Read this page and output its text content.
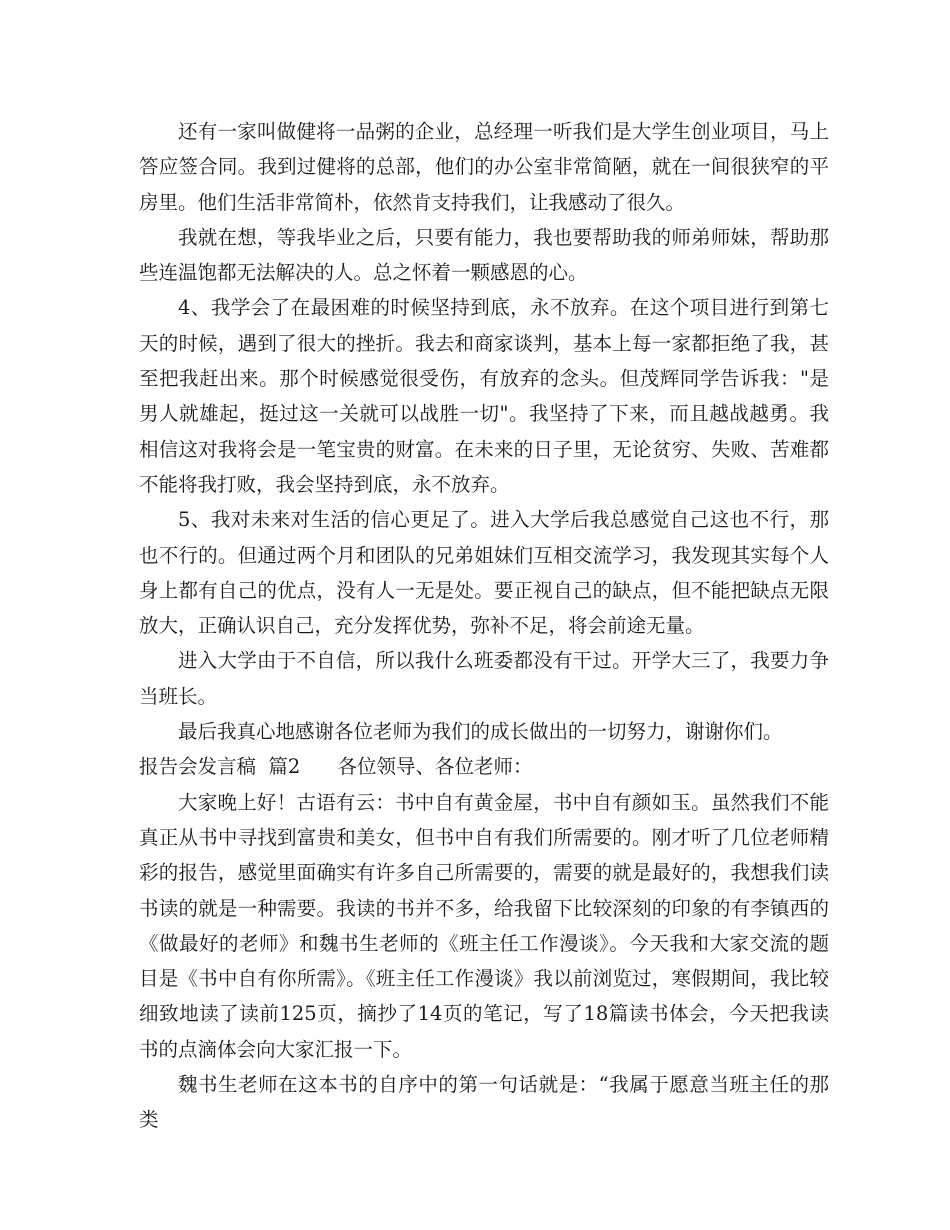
还有一家叫做健将一品粥的企业，总经理一听我们是大学生创业项目，马上答应签合同。我到过健将的总部，他们的办公室非常简陋，就在一间很狭窄的平房里。他们生活非常简朴，依然肯支持我们，让我感动了很久。

我就在想，等我毕业之后，只要有能力，我也要帮助我的师弟师妹，帮助那些连温饱都无法解决的人。总之怀着一颗感恩的心。

4、我学会了在最困难的时候坚持到底，永不放弃。在这个项目进行到第七天的时候，遇到了很大的挫折。我去和商家谈判，基本上每一家都拒绝了我，甚至把我赶出来。那个时候感觉很受伤，有放弃的念头。但茂辉同学告诉我："是男人就雄起，挺过这一关就可以战胜一切"。我坚持了下来，而且越战越勇。我相信这对我将会是一笔宝贵的财富。在未来的日子里，无论贫穷、失败、苦难都不能将我打败，我会坚持到底，永不放弃。

5、我对未来对生活的信心更足了。进入大学后我总感觉自己这也不行，那也不行的。但通过两个月和团队的兄弟姐妹们互相交流学习，我发现其实每个人身上都有自己的优点，没有人一无是处。要正视自己的缺点，但不能把缺点无限放大，正确认识自己，充分发挥优势，弥补不足，将会前途无量。

进入大学由于不自信，所以我什么班委都没有干过。开学大三了，我要力争当班长。

最后我真心地感谢各位老师为我们的成长做出的一切努力，谢谢你们。

报告会发言稿  篇2      各位领导、各位老师：

大家晚上好！古语有云：书中自有黄金屋，书中自有颜如玉。虽然我们不能真正从书中寻找到富贵和美女，但书中自有我们所需要的。刚才听了几位老师精彩的报告，感觉里面确实有许多自己所需要的，需要的就是最好的，我想我们读书读的就是一种需要。我读的书并不多，给我留下比较深刻的印象的有李镇西的《做最好的老师》和魏书生老师的《班主任工作漫谈》。今天我和大家交流的题目是《书中自有你所需》。《班主任工作漫谈》我以前浏览过，寒假期间，我比较细致地读了读前125页，摘抄了14页的笔记，写了18篇读书体会，今天把我读书的点滴体会向大家汇报一下。

魏书生老师在这本书的自序中的第一句话就是：“我属于愿意当班主任的那类
